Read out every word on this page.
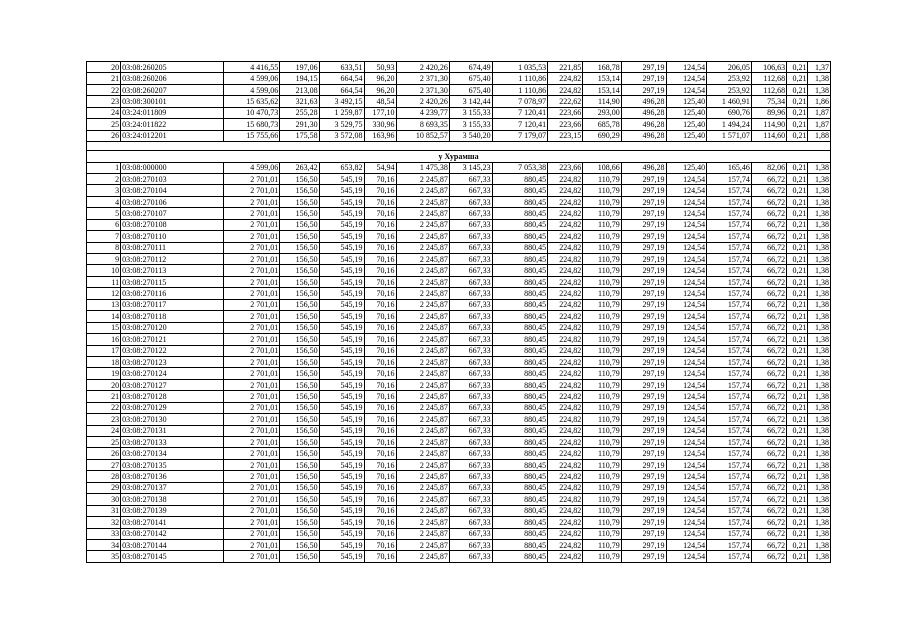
20	03:08:260205	4 416,55	197,06	633,51	50,93	2 420,26	674,49	1 035,53	221,85	168,78	297,19	124,54	206,05	106,63	0,21	1,37
21	03:08:260206	4 599,06	194,15	664,54	96,20	2 371,30	675,40	1 110,86	224,82	153,14	297,19	124,54	253,92	112,68	0,21	1,38
22	03:08:260207	4 599,06	213,08	664,54	96,20	2 371,30	675,40	1 110,86	224,82	153,14	297,19	124,54	253,92	112,68	0,21	1,38
23	03:08:300101	15 635,62	321,63	3 492,15	48,54	2 420,26	3 142,44	7 078,97	222,62	114,90	496,28	125,40	1 460,91	75,34	0,21	1,86
24	03:24:011809	10 470,73	255,28	1 259,87	177,10	4 239,77	3 155,33	7 120,41	223,66	293,00	496,28	125,40	690,76	89,96	0,21	1,87
25	03:24:011822	15 680,73	291,30	3 529,75	330,96	8 693,35	3 155,33	7 120,41	223,66	685,78	496,28	125,40	1 494,24	114,90	0,21	1,87
26	03:24:012201	15 755,66	175,58	3 572,08	163,96	10 852,57	3 540,20	7 179,07	223,15	690,29	496,28	125,40	1 571,07	114,60	0,21	1,88

у Хурамша																
1	03:08:000000	4 599,06	263,42	653,82	54,94	1 475,38	3 145,23	7 053,38	223,66	108,66	496,28	125,40	165,46	82,06	0,21	1,38
2	03:08:270103	2 701,01	156,50	545,19	70,16	2 245,87	667,33	880,45	224,82	110,79	297,19	124,54	157,74	66,72	0,21	1,38
3	03:08:270104	2 701,01	156,50	545,19	70,16	2 245,87	667,33	880,45	224,82	110,79	297,19	124,54	157,74	66,72	0,21	1,38
4	03:08:270106	2 701,01	156,50	545,19	70,16	2 245,87	667,33	880,45	224,82	110,79	297,19	124,54	157,74	66,72	0,21	1,38
5	03:08:270107	2 701,01	156,50	545,19	70,16	2 245,87	667,33	880,45	224,82	110,79	297,19	124,54	157,74	66,72	0,21	1,38
6	03:08:270108	2 701,01	156,50	545,19	70,16	2 245,87	667,33	880,45	224,82	110,79	297,19	124,54	157,74	66,72	0,21	1,38
7	03:08:270110	2 701,01	156,50	545,19	70,16	2 245,87	667,33	880,45	224,82	110,79	297,19	124,54	157,74	66,72	0,21	1,38
8	03:08:270111	2 701,01	156,50	545,19	70,16	2 245,87	667,33	880,45	224,82	110,79	297,19	124,54	157,74	66,72	0,21	1,38
9	03:08:270112	2 701,01	156,50	545,19	70,16	2 245,87	667,33	880,45	224,82	110,79	297,19	124,54	157,74	66,72	0,21	1,38
10	03:08:270113	2 701,01	156,50	545,19	70,16	2 245,87	667,33	880,45	224,82	110,79	297,19	124,54	157,74	66,72	0,21	1,38
11	03:08:270115	2 701,01	156,50	545,19	70,16	2 245,87	667,33	880,45	224,82	110,79	297,19	124,54	157,74	66,72	0,21	1,38
12	03:08:270116	2 701,01	156,50	545,19	70,16	2 245,87	667,33	880,45	224,82	110,79	297,19	124,54	157,74	66,72	0,21	1,38
13	03:08:270117	2 701,01	156,50	545,19	70,16	2 245,87	667,33	880,45	224,82	110,79	297,19	124,54	157,74	66,72	0,21	1,38
14	03:08:270118	2 701,01	156,50	545,19	70,16	2 245,87	667,33	880,45	224,82	110,79	297,19	124,54	157,74	66,72	0,21	1,38
15	03:08:270120	2 701,01	156,50	545,19	70,16	2 245,87	667,33	880,45	224,82	110,79	297,19	124,54	157,74	66,72	0,21	1,38
16	03:08:270121	2 701,01	156,50	545,19	70,16	2 245,87	667,33	880,45	224,82	110,79	297,19	124,54	157,74	66,72	0,21	1,38
17	03:08:270122	2 701,01	156,50	545,19	70,16	2 245,87	667,33	880,45	224,82	110,79	297,19	124,54	157,74	66,72	0,21	1,38
18	03:08:270123	2 701,01	156,50	545,19	70,16	2 245,87	667,33	880,45	224,82	110,79	297,19	124,54	157,74	66,72	0,21	1,38
19	03:08:270124	2 701,01	156,50	545,19	70,16	2 245,87	667,33	880,45	224,82	110,79	297,19	124,54	157,74	66,72	0,21	1,38
20	03:08:270127	2 701,01	156,50	545,19	70,16	2 245,87	667,33	880,45	224,82	110,79	297,19	124,54	157,74	66,72	0,21	1,38
21	03:08:270128	2 701,01	156,50	545,19	70,16	2 245,87	667,33	880,45	224,82	110,79	297,19	124,54	157,74	66,72	0,21	1,38
22	03:08:270129	2 701,01	156,50	545,19	70,16	2 245,87	667,33	880,45	224,82	110,79	297,19	124,54	157,74	66,72	0,21	1,38
23	03:08:270130	2 701,01	156,50	545,19	70,16	2 245,87	667,33	880,45	224,82	110,79	297,19	124,54	157,74	66,72	0,21	1,38
24	03:08:270131	2 701,01	156,50	545,19	70,16	2 245,87	667,33	880,45	224,82	110,79	297,19	124,54	157,74	66,72	0,21	1,38
25	03:08:270133	2 701,01	156,50	545,19	70,16	2 245,87	667,33	880,45	224,82	110,79	297,19	124,54	157,74	66,72	0,21	1,38
26	03:08:270134	2 701,01	156,50	545,19	70,16	2 245,87	667,33	880,45	224,82	110,79	297,19	124,54	157,74	66,72	0,21	1,38
27	03:08:270135	2 701,01	156,50	545,19	70,16	2 245,87	667,33	880,45	224,82	110,79	297,19	124,54	157,74	66,72	0,21	1,38
28	03:08:270136	2 701,01	156,50	545,19	70,16	2 245,87	667,33	880,45	224,82	110,79	297,19	124,54	157,74	66,72	0,21	1,38
29	03:08:270137	2 701,01	156,50	545,19	70,16	2 245,87	667,33	880,45	224,82	110,79	297,19	124,54	157,74	66,72	0,21	1,38
30	03:08:270138	2 701,01	156,50	545,19	70,16	2 245,87	667,33	880,45	224,82	110,79	297,19	124,54	157,74	66,72	0,21	1,38
31	03:08:270139	2 701,01	156,50	545,19	70,16	2 245,87	667,33	880,45	224,82	110,79	297,19	124,54	157,74	66,72	0,21	1,38
32	03:08:270141	2 701,01	156,50	545,19	70,16	2 245,87	667,33	880,45	224,82	110,79	297,19	124,54	157,74	66,72	0,21	1,38
33	03:08:270142	2 701,01	156,50	545,19	70,16	2 245,87	667,33	880,45	224,82	110,79	297,19	124,54	157,74	66,72	0,21	1,38
34	03:08:270144	2 701,01	156,50	545,19	70,16	2 245,87	667,33	880,45	224,82	110,79	297,19	124,54	157,74	66,72	0,21	1,38
35	03:08:270145	2 701,01	156,50	545,19	70,16	2 245,87	667,33	880,45	224,82	110,79	297,19	124,54	157,74	66,72	0,21	1,38
